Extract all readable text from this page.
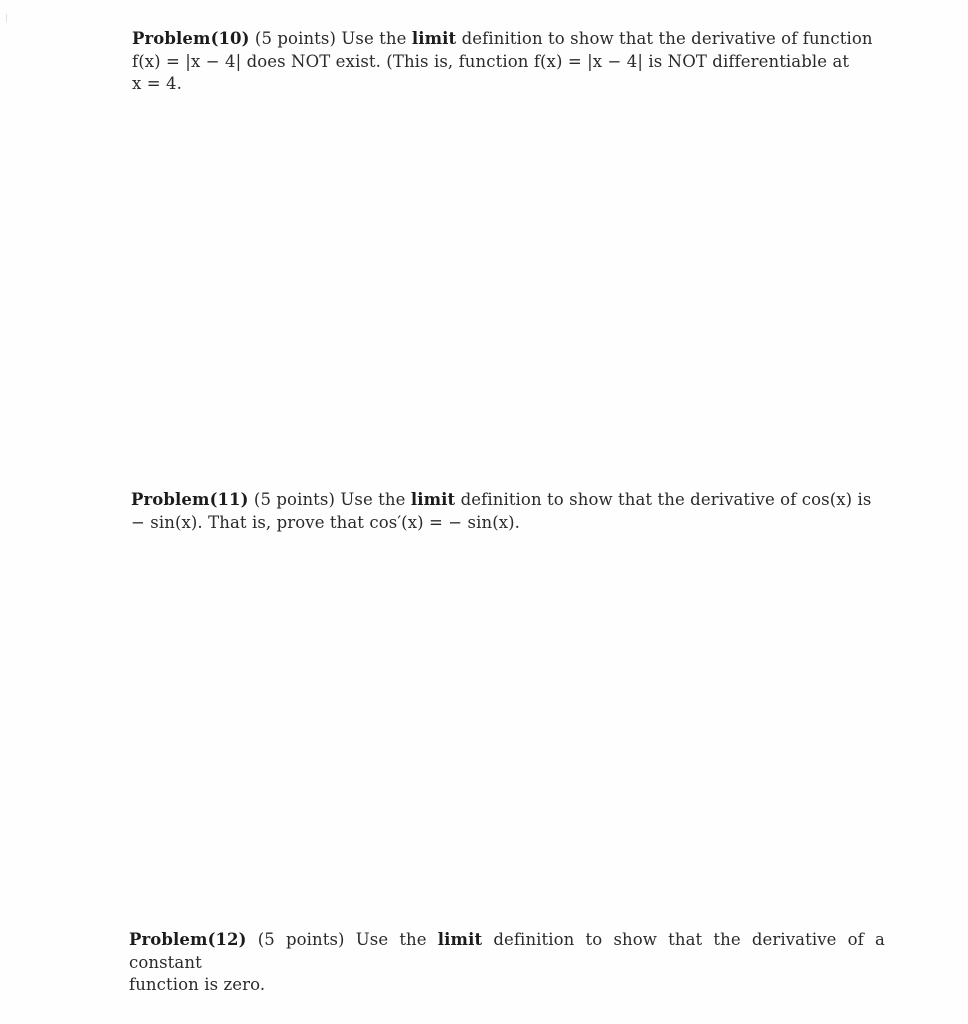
Problem(10) (5 points) Use the limit definition to show that the derivative of function
f(x) = |x − 4| does NOT exist. (This is, function f(x) = |x − 4| is NOT differentiable at
x = 4.
Problem(11) (5 points) Use the limit definition to show that the derivative of cos(x) is
− sin(x). That is, prove that cos′(x) = − sin(x).
Problem(12) (5 points) Use the limit definition to show that the derivative of a constant
function is zero.
